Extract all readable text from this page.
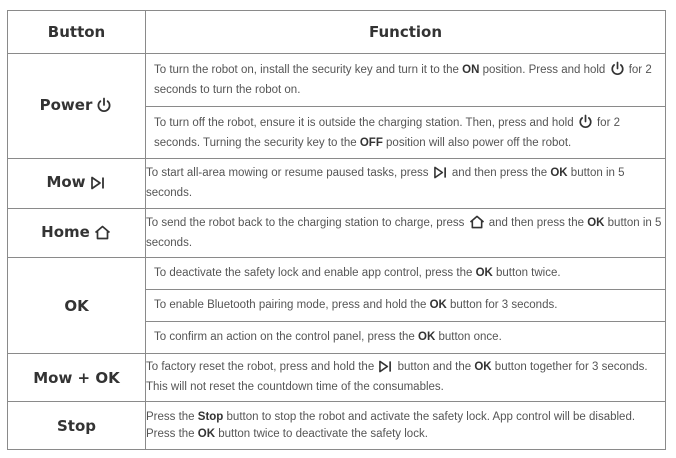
Button	Function
Power	To turn the robot on, install the security key and turn it to the ON position. Press and hold  for 2 seconds to turn the robot on.
To turn off the robot, ensure it is outside the charging station. Then, press and hold  for 2 seconds. Turning the security key to the OFF position will also power off the robot.

Mow	To start all-area mowing or resume paused tasks, press  and then press the OK button in 5 seconds.
Home	To send the robot back to the charging station to charge, press  and then press the OK button in 5 seconds.
OK	To deactivate the safety lock and enable app control, press the OK button twice.
To enable Bluetooth pairing mode, press and hold the OK button for 3 seconds.
To confirm an action on the control panel, press the OK button once.

Mow + OK	To factory reset the robot, press and hold the  button and the OK button together for 3 seconds. This will not reset the countdown time of the consumables.
Stop	Press the Stop button to stop the robot and activate the safety lock. App control will be disabled. Press the OK button twice to deactivate the safety lock.
